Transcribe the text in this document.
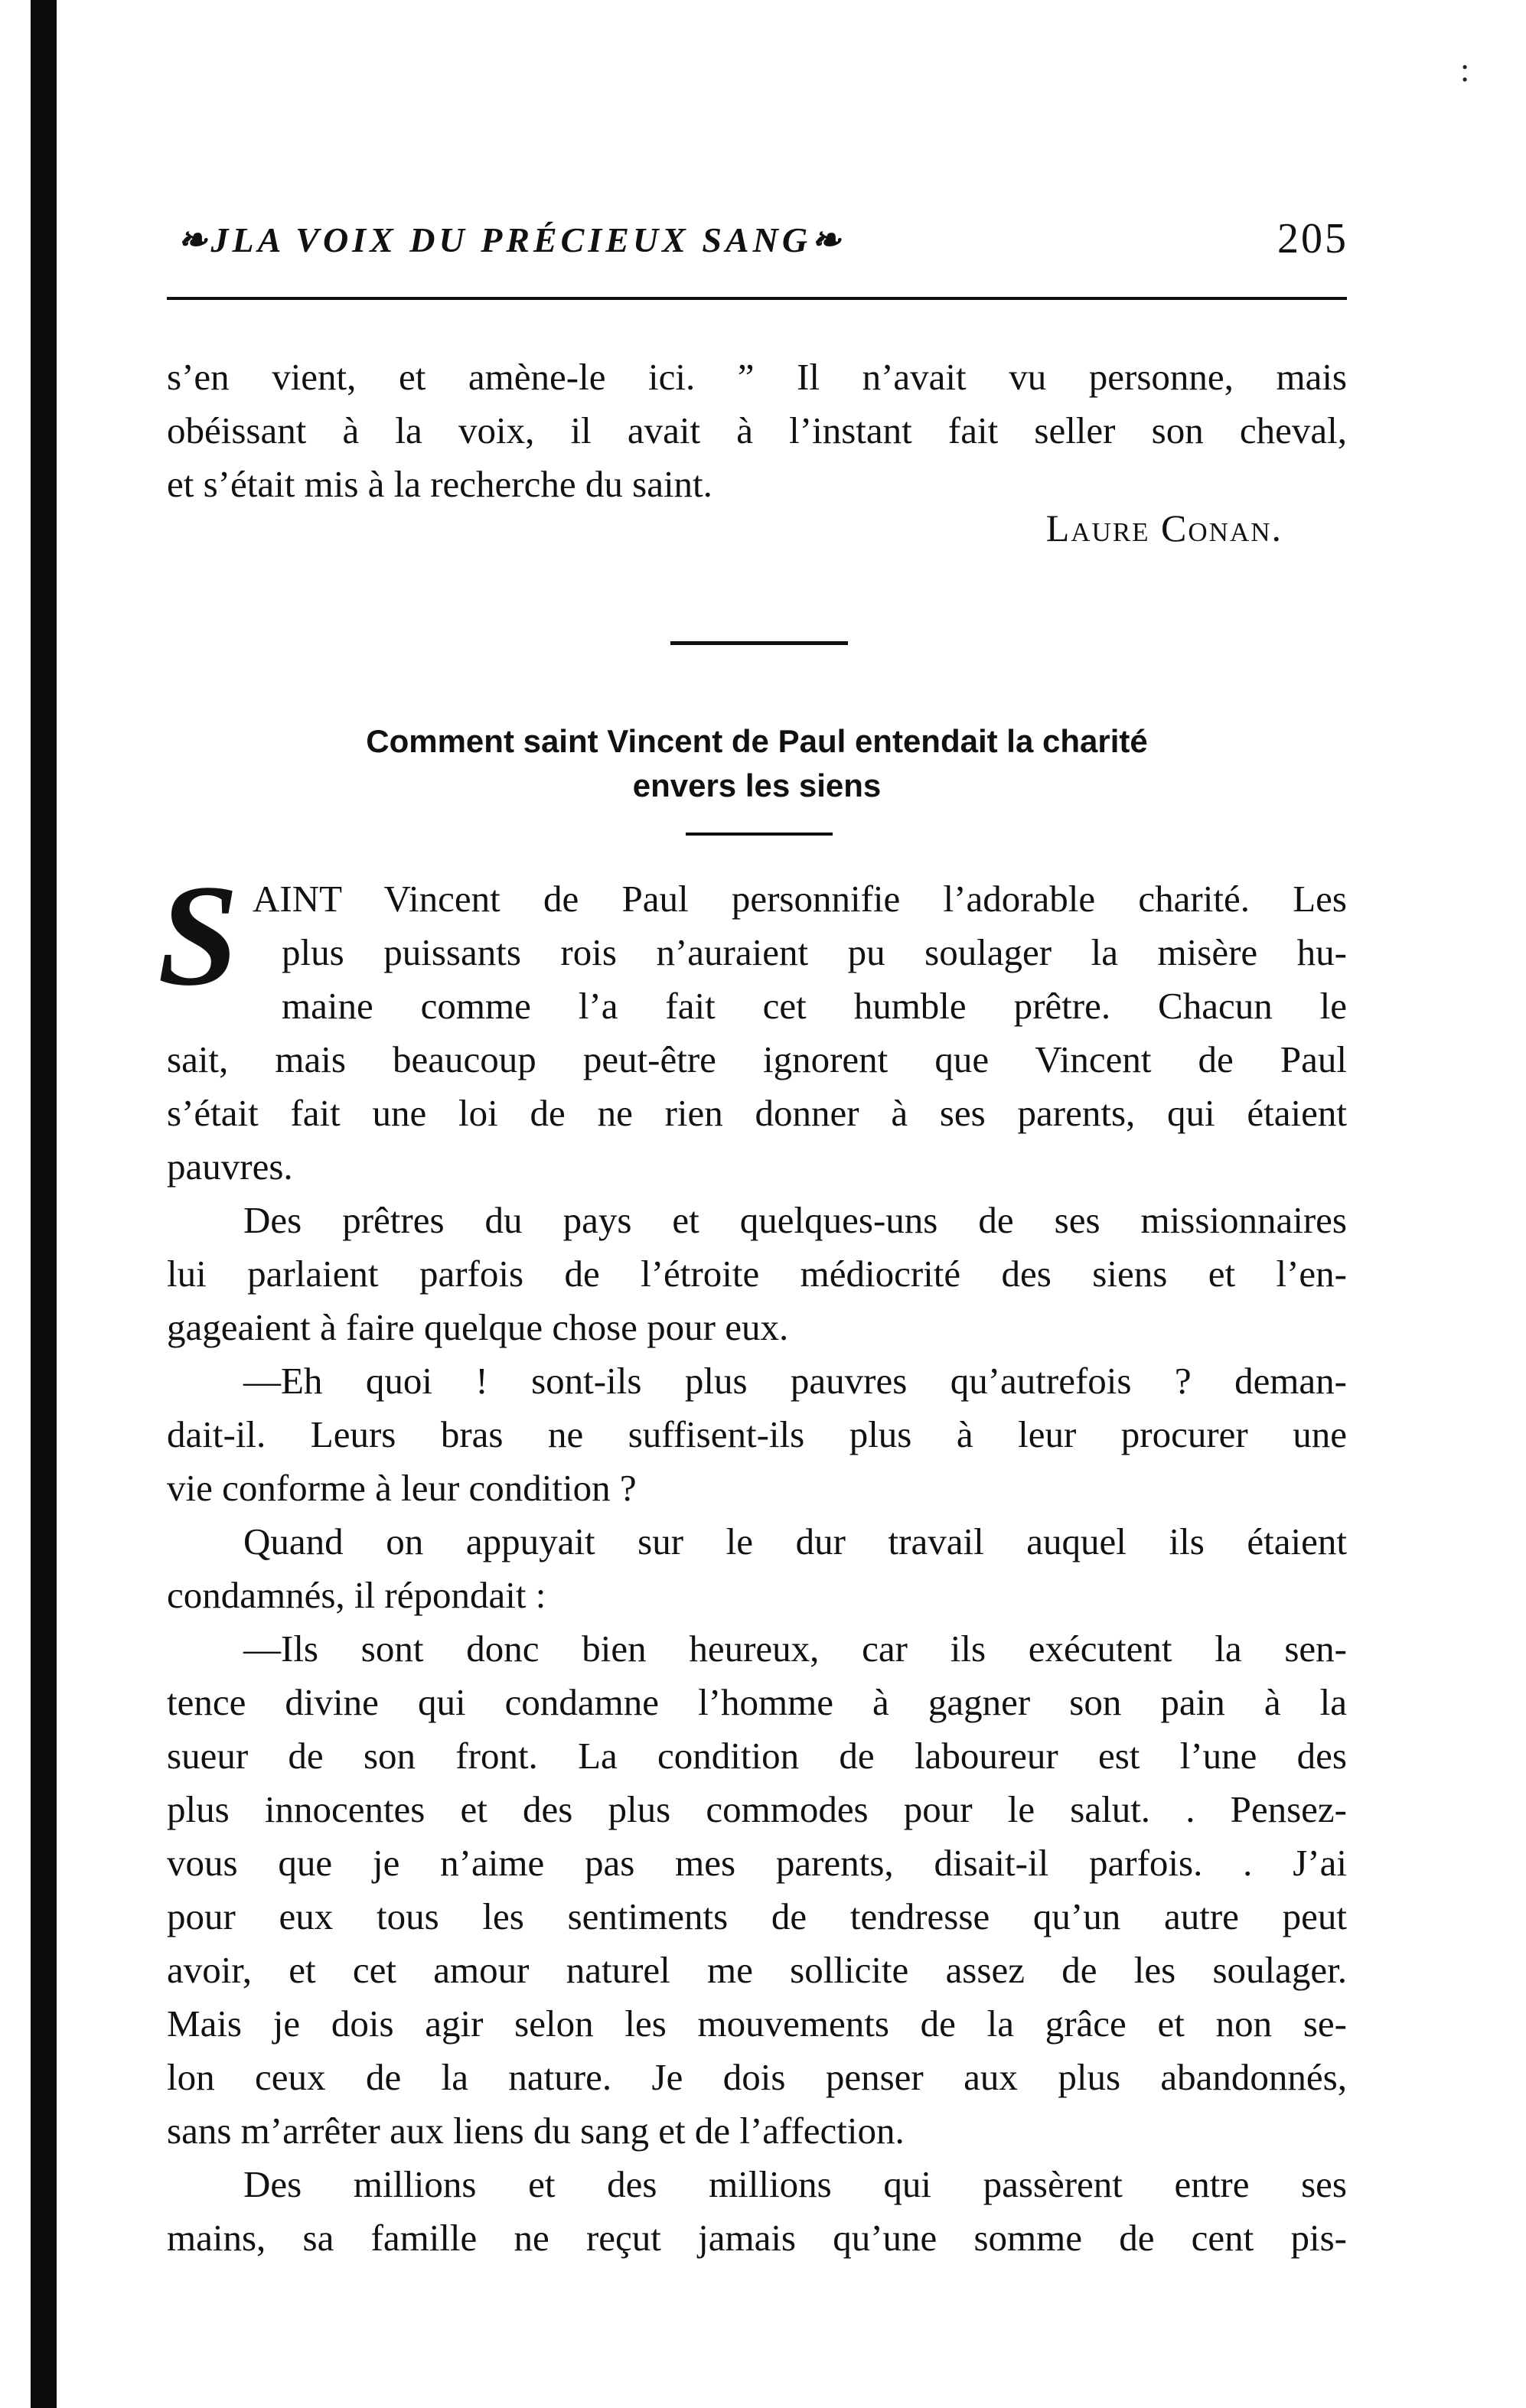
:
❧JLA VOIX DU PRÉCIEUX SANG❧	205
s’en vient, et amène-le ici. ” Il n’avait vu personne, mais
obéissant à la voix, il avait à l’instant fait seller son cheval,
et s’était mis à la recherche du saint.
Laure Conan.
Comment saint Vincent de Paul entendait la charité
envers les siens
S AINT Vincent de Paul personnifie l’adorable charité. Les
plus puissants rois n’auraient pu soulager la misère hu-
maine comme l’a fait cet humble prêtre. Chacun le
sait, mais beaucoup peut-être ignorent que Vincent de Paul
s’était fait une loi de ne rien donner à ses parents, qui étaient
pauvres.
Des prêtres du pays et quelques-uns de ses missionnaires
lui parlaient parfois de l’étroite médiocrité des siens et l’en-
gageaient à faire quelque chose pour eux.
—Eh quoi ! sont-ils plus pauvres qu’autrefois ? deman-
dait-il. Leurs bras ne suffisent-ils plus à leur procurer une
vie conforme à leur condition ?
Quand on appuyait sur le dur travail auquel ils étaient
condamnés, il répondait :
—Ils sont donc bien heureux, car ils exécutent la sen-
tence divine qui condamne l’homme à gagner son pain à la
sueur de son front. La condition de laboureur est l’une des
plus innocentes et des plus commodes pour le salut. . Pensez-
vous que je n’aime pas mes parents, disait-il parfois. . J’ai
pour eux tous les sentiments de tendresse qu’un autre peut
avoir, et cet amour naturel me sollicite assez de les soulager.
Mais je dois agir selon les mouvements de la grâce et non se-
lon ceux de la nature. Je dois penser aux plus abandonnés,
sans m’arrêter aux liens du sang et de l’affection.
Des millions et des millions qui passèrent entre ses
mains, sa famille ne reçut jamais qu’une somme de cent pis-
